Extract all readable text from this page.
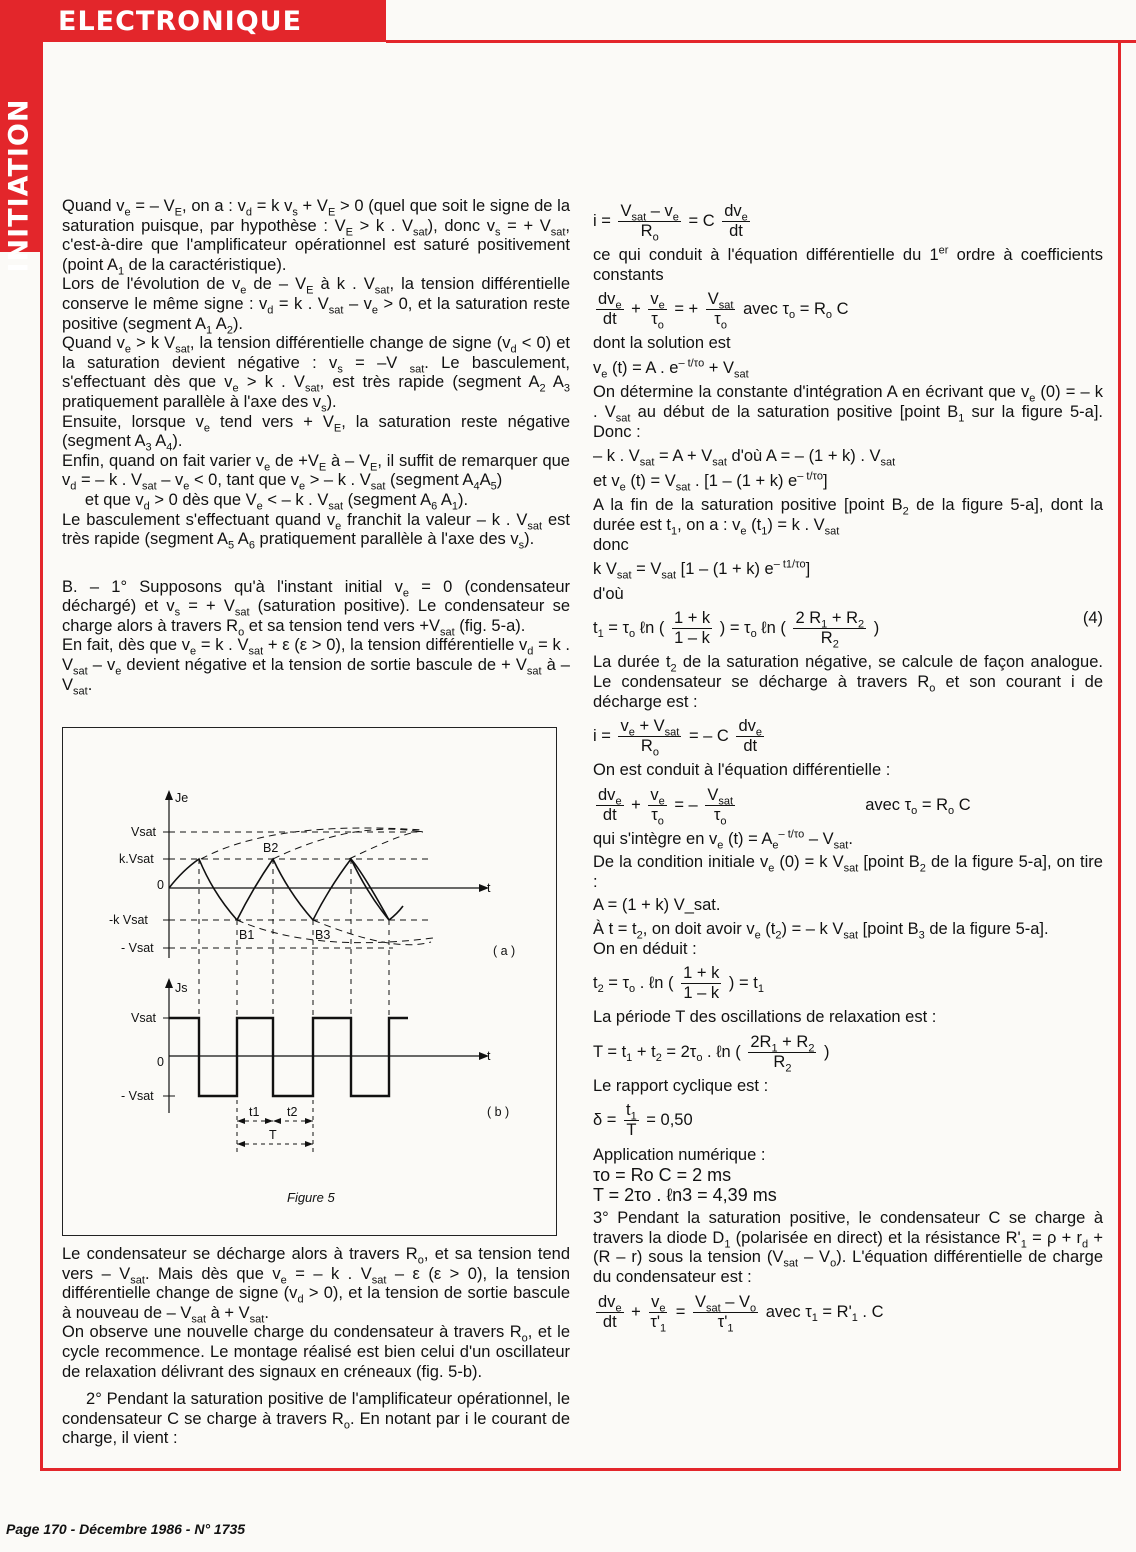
ELECTRONIQUE
INITIATION Quand $v_e$ = – $V_E$, on a : $v_d = k$ $v_s + V_E > 0$ (quel que soit le signe de la saturation puisque, par hypothèse : $V_E > k$ . $V_{sat}$), donc $v_s$ = + $V_{sat}$, c'est-à-dire que l'amplificateur opérationnel est saturé positivement (point $A_1$ de la caractéristique).

Lors de l'évolution de $v_e$ de – $V_E$ à k . $V_{sat}$, la tension différentielle conserve le même signe : $v_d = k$ . $V_{sat} - v_e > 0$, et la saturation reste positive (segment $A_1$ $A_2$).

Quand $v_e > k$ $V_{sat}$, la tension différentielle change de signe $(v_d < 0)$ et la saturation devient négative : $v_s = -V$ $_{sat}$. Le basculement, s'effectuant dès que $v_e > k$ . $V_{sat}$, est très rapide (segment $A_2$ $A_3$ pratiquement parallèle à l'axe des $v_s$).

Ensuite, lorsque $v_e$ tend vers + $V_E$, la saturation reste négative (segment $A_3$ $A_4$).

Enfin, quand on fait varier $v_e$ de $+V_E$ à – $V_E$, il suffit de remarquer que $v_d$ = – k . $V_{sat} - v_e < 0$, tant que $v_e$ > – k . $V_{sat}$ (segment $A_4A_5$)

et que $v_d > 0$ dès que $V_e$ < – k . $V_{sat}$ (segment $A_6$ $A_1$).

Le basculement s'effectuant quand $v_e$ franchit la valeur – k . $V_{sat}$ est très rapide (segment $A_5$ $A_6$ pratiquement parallèle à l'axe des $v_s$).

B. – 1° Supposons qu'à l'instant initial $v_e = 0$ (condensateur déchargé) et $v_s$ = + $V_{sat}$ (saturation positive). Le condensateur se charge alors à travers $R_o$ et sa tension tend vers $+V_{sat}$ (fig. 5-a).

En fait, dès que $v_e = k$ . $V_{sat} + \varepsilon$ (ε > 0), la tension différentielle $v_d = k$ . $V_{sat} - v_e$ devient négative et la tension de sortie bascule de + $V_{sat}$ à – $V_{sat}$.

Je
t
Vsat
k.Vsat
0
-k Vsat
- Vsat
B2
B1	B3
( a )
Js
t
Vsat
0
- Vsat
( b )
t1 t2
T
Figure 5

Le condensateur se décharge alors à travers $R_o$, et sa tension tend vers – $V_{sat}$. Mais dès que $v_e$ = – k . $V_{sat}$ – ε (ε > 0), la tension différentielle change de signe $(v_d > 0)$, et la tension de sortie bascule à nouveau de – $V_{sat}$ à + $V_{sat}$.

On observe une nouvelle charge du condensateur à travers $R_o$, et le cycle recommence. Le montage réalisé est bien celui d'un oscillateur de relaxation délivrant des signaux en créneaux (fig. 5-b).

2° Pendant la saturation positive de l'amplificateur opérationnel, le condensateur C se charge à travers $R_o$. En notant par i le courant de charge, il vient :

$i = \frac{V_{sat} - v_e}{R_o} = C \frac{dv_e}{dt}$

ce qui conduit à l'équation différentielle du 1er ordre à coefficients constants

$\frac{dv_e}{dt} + \frac{v_e}{\tau_o}$ = + $\frac{V_{sat}}{\tau_o}$ avec $\tau_o = R_o$ C

dont la solution est

$v_e$ (t) = A . $e^{- t/\tau o} + V_{sat}$

On détermine la constante d'intégration A en écrivant que $v_e$ (0) = – k . $V_{sat}$ au début de la saturation positive [point $B_1$ sur la figure 5-a]. Donc :

– k . $V_{sat} = A + V_{sat}$ d'où A = – (1 + k) . $V_{sat}$
et $v_e$ $(t) = V_{sat}$ . [1 – (1 + k) $e^{- t/\tau o}$]

A la fin de la saturation positive [point $B_2$ de la figure 5-a], dont la durée est $t_1$, on a : $v_e$ $(t_1) = k$ . $V_{sat}$

donc

k $V_{sat} = V_{sat}$ [1 – (1 + k) $e^{- t1/\tau o}$]

d'où

$t_1 = \tau_o$ ℓn ( $\frac{1 + k}{1 - k}$ ) = $\tau_o$ ℓn ( $\frac{2 R_1 + R_2}{R_2}$ )
(4)

La durée $t_2$ de la saturation négative, se calcule de façon analogue. Le condensateur se décharge à travers $R_o$ et son courant i de décharge est :

$i = \frac{v_e + V_{sat}}{R_o}$ = – C $\frac{dv_e}{dt}$

On est conduit à l'équation différentielle :

$\frac{dv_e}{dt} + \frac{v_e}{\tau_o}$ = – $\frac{V_{sat}}{\tau_o}$	avec $\tau_o = R_o$ C

qui s'intègre en $v_e$ $(t) = A_e^{- t/\tau o} - V_{sat}$.

De la condition initiale $v_e$ (0) = k $V_{sat}$ [point $B_2$ de la figure 5-a], on tire :

A = (1 + k) V_sat.

À $t = t_2$, on doit avoir $v_e$ $(t_2)$ = – k $V_{sat}$ [point $B_3$ de la figure 5-a].

On en déduit :

$t_2 = \tau_o$ . ℓn ( $\frac{1 + k}{1 - k}$ ) = $t_1$

La période T des oscillations de relaxation est :

$T = t_1 + t_2 = 2\tau_o$ . ℓn ( $\frac{2R_1 + R_2}{R_2}$ )

Le rapport cyclique est :

$\delta = \frac{t_1}{T} = 0,50$

Application numérique :

τo = Ro C = 2 ms

T = 2τo . ℓn3 = 4,39 ms

3° Pendant la saturation positive, le condensateur C se charge à travers la diode $D_1$ (polarisée en direct) et la résistance $R'_1 = \rho + r_d + (R - r)$ sous la tension $(V_{sat} - V_o)$. L'équation différentielle de charge du condensateur est :

$\frac{dv_e}{dt} + \frac{v_e}{\tau'_1} = \frac{V_{sat} - V_o}{\tau'_1}$ avec $\tau_1 = R'_1$ . C
Page 170 - Décembre 1986 - N° 1735
